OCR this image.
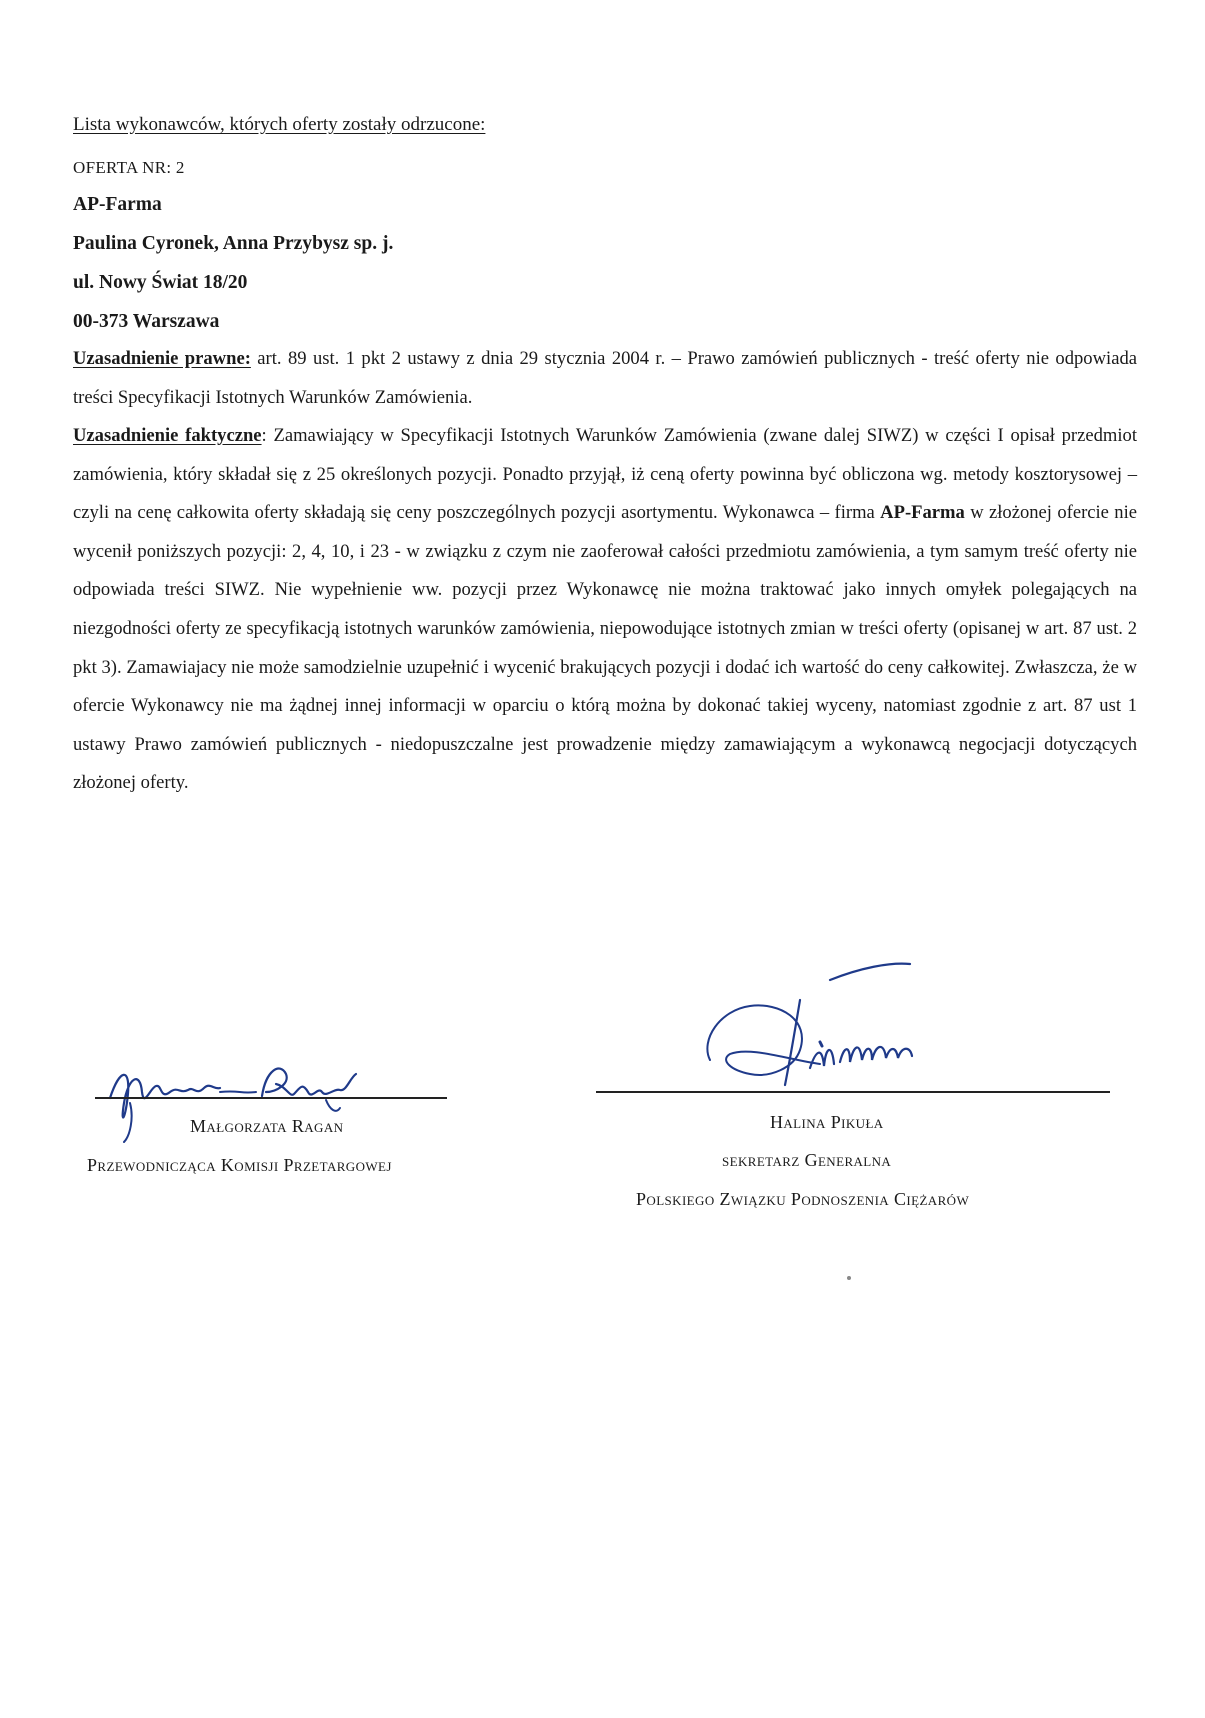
Lista wykonawców, których oferty zostały odrzucone:
OFERTA NR: 2
AP-Farma
Paulina Cyronek, Anna Przybysz sp. j.
ul. Nowy Świat 18/20
00-373 Warszawa

Uzasadnienie prawne: art. 89 ust. 1 pkt 2 ustawy z dnia 29 stycznia 2004 r. – Prawo zamówień publicznych - treść oferty nie odpowiada treści Specyfikacji Istotnych Warunków Zamówienia.

Uzasadnienie faktyczne: Zamawiający w Specyfikacji Istotnych Warunków Zamówienia (zwane dalej SIWZ) w części I opisał przedmiot zamówienia, który składał się z 25 określonych pozycji. Ponadto przyjął, iż ceną oferty powinna być obliczona wg. metody kosztorysowej – czyli na cenę całkowita oferty składają się ceny poszczególnych pozycji asortymentu. Wykonawca – firma AP-Farma w złożonej ofercie nie wycenił poniższych pozycji: 2, 4, 10, i 23 - w związku z czym nie zaoferował całości przedmiotu zamówienia, a tym samym treść oferty nie odpowiada treści SIWZ. Nie wypełnienie ww. pozycji przez Wykonawcę nie można traktować jako innych omyłek polegających na niezgodności oferty ze specyfikacją istotnych warunków zamówienia, niepowodujące istotnych zmian w treści oferty (opisanej w art. 87 ust. 2 pkt 3). Zamawiajacy nie może samodzielnie uzupełnić i wycenić brakujących pozycji i dodać ich wartość do ceny całkowitej. Zwłaszcza, że w ofercie Wykonawcy nie ma żądnej innej informacji w oparciu o którą można by dokonać takiej wyceny, natomiast zgodnie z art. 87 ust 1 ustawy Prawo zamówień publicznych - niedopuszczalne jest prowadzenie między zamawiającym a wykonawcą negocjacji dotyczących złożonej oferty.

Małgorzata Ragan
Przewodnicząca Komisji Przetargowej
Halina Pikuła
sekretarz Generalna
Polskiego Związku Podnoszenia Ciężarów
